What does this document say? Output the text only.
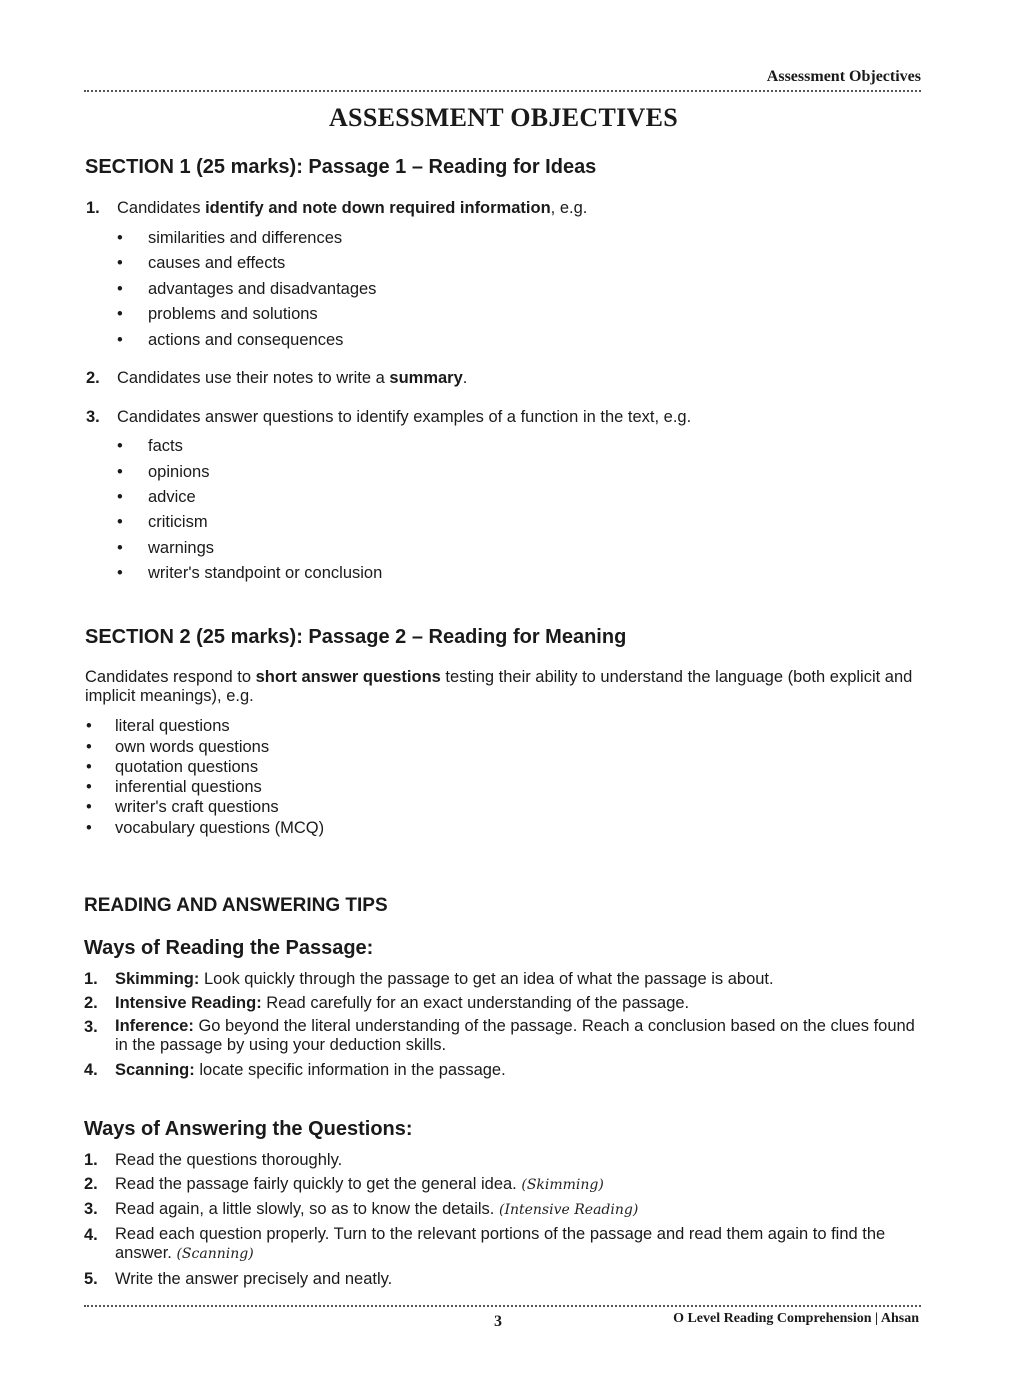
Assessment Objectives
ASSESSMENT OBJECTIVES
SECTION 1 (25 marks): Passage 1 – Reading for Ideas
1. Candidates identify and note down required information, e.g.
• similarities and differences
• causes and effects
• advantages and disadvantages
• problems and solutions
• actions and consequences
2. Candidates use their notes to write a summary.
3. Candidates answer questions to identify examples of a function in the text, e.g.
• facts
• opinions
• advice
• criticism
• warnings
• writer's standpoint or conclusion
SECTION 2 (25 marks): Passage 2 – Reading for Meaning
Candidates respond to short answer questions testing their ability to understand the language (both explicit and implicit meanings), e.g.
• literal questions
• own words questions
• quotation questions
• inferential questions
• writer's craft questions
• vocabulary questions (MCQ)
READING AND ANSWERING TIPS
Ways of Reading the Passage:
1. Skimming: Look quickly through the passage to get an idea of what the passage is about.
2. Intensive Reading: Read carefully for an exact understanding of the passage.
3. Inference: Go beyond the literal understanding of the passage. Reach a conclusion based on the clues found in the passage by using your deduction skills.
4. Scanning: locate specific information in the passage.
Ways of Answering the Questions:
1. Read the questions thoroughly.
2. Read the passage fairly quickly to get the general idea. (Skimming)
3. Read again, a little slowly, so as to know the details. (Intensive Reading)
4. Read each question properly. Turn to the relevant portions of the passage and read them again to find the answer. (Scanning)
5. Write the answer precisely and neatly.
3	O Level Reading Comprehension | Ahsan
